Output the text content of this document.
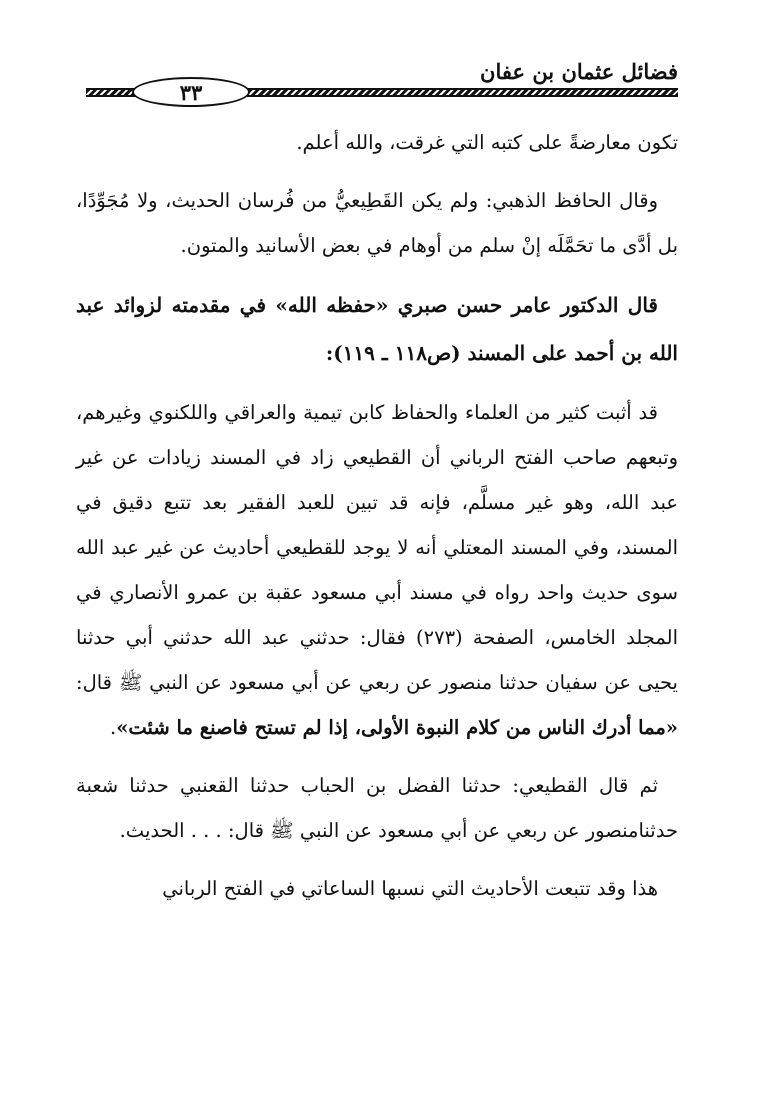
فضائل عثمان بن عفان
٣٣

تكون معارضةً على كتبه التي غرقت، والله أعلم.

وقال الحافظ الذهبي: ولم يكن القَطِيعيُّ من فُرسان الحديث، ولا مُجَوِّدًا، بل أدَّى ما تحَمَّلَه إنْ سلم من أوهام في بعض الأسانيد والمتون.

قال الدكتور عامر حسن صبري «حفظه الله» في مقدمته لزوائد عبد الله بن أحمد على المسند (ص١١٨ ـ ١١٩):

قد أثبت كثير من العلماء والحفاظ كابن تيمية والعراقي واللكنوي وغيرهم، وتبعهم صاحب الفتح الرباني أن القطيعي زاد في المسند زيادات عن غير عبد الله، وهو غير مسلَّم، فإنه قد تبين للعبد الفقير بعد تتبع دقيق في المسند، وفي المسند المعتلي أنه لا يوجد للقطيعي أحاديث عن غير عبد الله سوى حديث واحد رواه في مسند أبي مسعود عقبة بن عمرو الأنصاري في المجلد الخامس، الصفحة (٢٧٣) فقال: حدثني عبد الله حدثني أبي حدثنا يحيى عن سفيان حدثنا منصور عن ربعي عن أبي مسعود عن النبي ﷺ قال: «مما أدرك الناس من كلام النبوة الأولى، إذا لم تستح فاصنع ما شئت».

ثم قال القطيعي: حدثنا الفضل بن الحباب حدثنا القعنبي حدثنا شعبة حدثنامنصور عن ربعي عن أبي مسعود عن النبي ﷺ قال: . . . الحديث.

هذا وقد تتبعت الأحاديث التي نسبها الساعاتي في الفتح الرباني
